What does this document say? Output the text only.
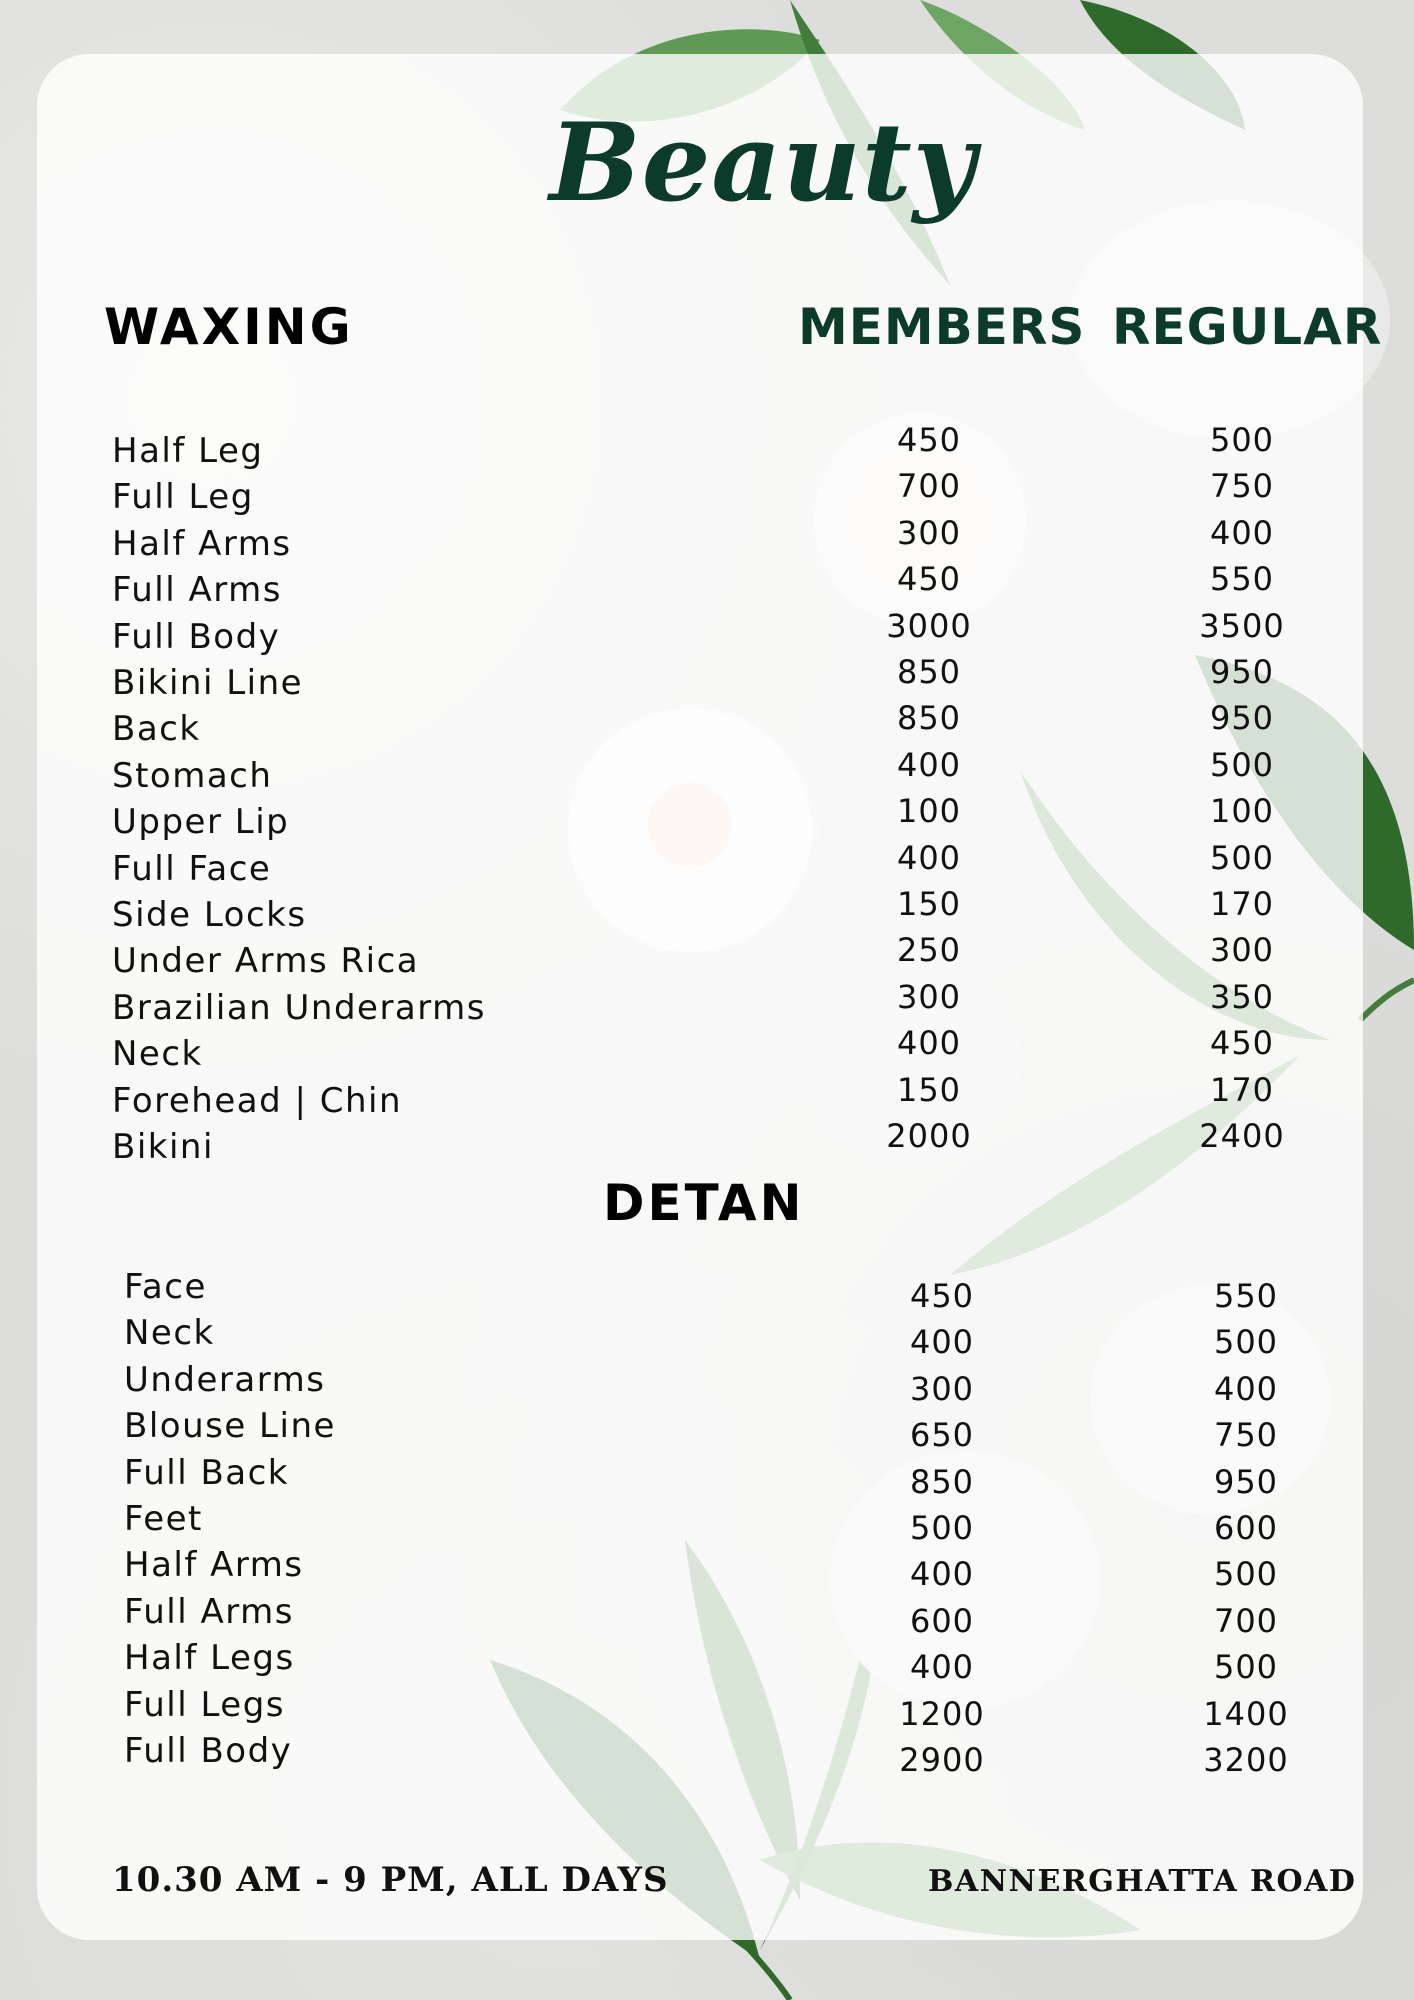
Beauty
WAXING	MEMBERS REGULAR
Half Leg	450	500
Full Leg	700	750
Half Arms	300	400
Full Arms	450	550
Full Body	3000	3500
Bikini Line	850	950
Back	850	950
Stomach	400	500
Upper Lip	100	100
Full Face	400	500
Side Locks	150	170
Under Arms Rica	250	300
Brazilian Underarms	300	350
Neck	400	450
Forehead | Chin	150	170
Bikini	2000	2400
DETAN
Face	450	550
Neck	400	500
Underarms	300	400
Blouse Line	650	750
Full Back	850	950
Feet	500	600
Half Arms	400	500
Full Arms	600	700
Half Legs	400	500
Full Legs	1200	1400
Full Body	2900	3200
10.30 AM - 9 PM, ALL DAYS	BANNERGHATTA ROAD
